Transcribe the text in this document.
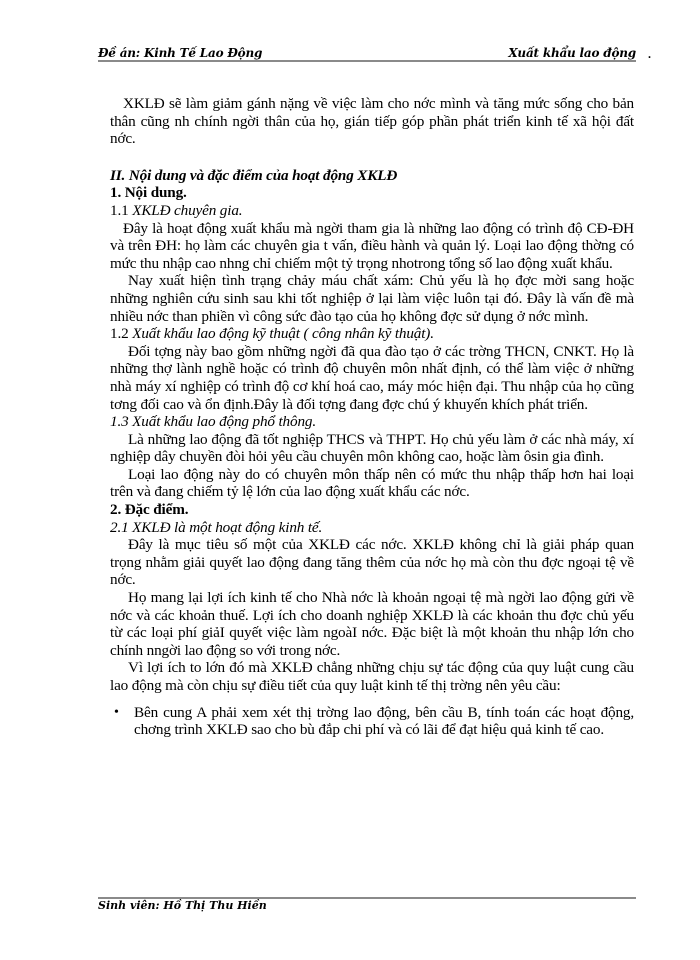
Đề án: Kinh Tế Lao Động	Xuất khẩu lao động .

XKLĐ sẽ làm giảm gánh nặng về việc làm cho nớc mình và tăng mức sống cho bản thân cũng nh chính ngời thân của họ, gián tiếp góp phần phát triển kinh tế xã hội đất nớc.

II. Nội dung và đặc điểm của hoạt động XKLĐ

1. Nội dung.

1.1 XKLĐ chuyên gia.

Đây là hoạt động xuất khẩu mà ngời tham gia là những lao động có trình độ CĐ-ĐH và trên ĐH: họ làm các chuyên gia t vấn, điều hành và quản lý. Loại lao động thờng có mức thu nhập cao nhng chỉ chiếm một tỷ trọng nhotrong tổng số lao động xuất khẩu.

Nay xuất hiện tình trạng chảy máu chất xám: Chủ yếu là họ đợc mời sang hoặc những nghiên cứu sinh sau khi tốt nghiệp ở lại làm việc luôn tại đó. Đây là vấn đề mà nhiều nớc than phiền vì công sức đào tạo của họ không đợc sử dụng ở nớc mình.

1.2 Xuất khẩu lao động kỹ thuật ( công nhân kỹ thuật).

Đối tợng này bao gồm những ngời đã qua đào tạo ở các trờng THCN, CNKT. Họ là những thợ lành nghề hoặc có trình độ chuyên môn nhất định, có thể làm việc ở những nhà máy xí nghiệp có trình độ cơ khí hoá cao, máy móc hiện đại. Thu nhập của họ cũng tơng đối cao và ổn định.Đây là đối tợng đang đợc chú ý khuyến khích phát triển.

1.3 Xuất khẩu lao động phổ thông.

Là những lao động đã tốt nghiệp THCS và THPT. Họ chủ yếu làm ở các nhà máy, xí nghiệp dây chuyền đòi hỏi yêu cầu chuyên môn không cao, hoặc làm ôsin gia đình.

Loại lao động này do có chuyên môn thấp nên có mức thu nhập thấp hơn hai loại trên và đang chiếm tỷ lệ lớn của lao động xuất khẩu các nớc.

2. Đặc điểm.

2.1 XKLĐ là một hoạt động kinh tế.

Đây là mục tiêu số một của XKLĐ các nớc. XKLĐ không chỉ là giải pháp quan trọng nhằm giải quyết lao động đang tăng thêm của nớc họ mà còn thu đợc ngoại tệ về nớc.

Họ mang lại lợi ích kinh tế cho Nhà nớc là khoản ngoại tệ mà ngời lao động gửi về nớc và các khoản thuế. Lợi ích cho doanh nghiệp XKLĐ là các khoản thu đợc chủ yếu từ các loại phí giảI quyết việc làm ngoàI nớc. Đặc biệt là một khoản thu nhập lớn cho chính nngời lao động so với trong nớc.

Vì lợi ích to lớn đó mà XKLĐ chẳng những chịu sự tác động của quy luật cung cầu lao động mà còn chịu sự điều tiết của quy luật kinh tế thị trờng nên yêu cầu:

• Bên cung A phải xem xét thị trờng lao động, bên cầu B, tính toán các hoạt động, chơng trình XKLĐ sao cho bù đắp chi phí và có lãi để đạt hiệu quả kinh tế cao.
Sinh viên: Hồ Thị Thu Hiền
